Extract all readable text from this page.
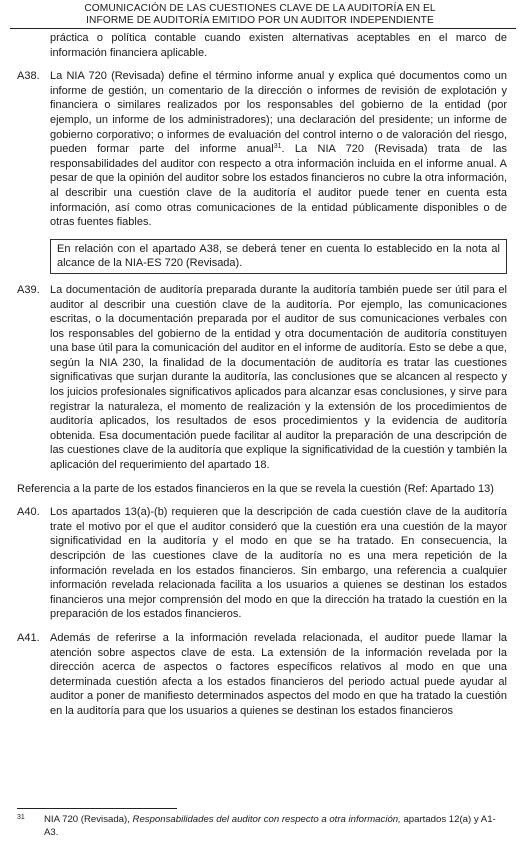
COMUNICACIÓN DE LAS CUESTIONES CLAVE DE LA AUDITORÍA EN EL
INFORME DE AUDITORÍA EMITIDO POR UN AUDITOR INDEPENDIENTE

práctica o política contable cuando existen alternativas aceptables en el marco de información financiera aplicable.

A38. La NIA 720 (Revisada) define el término informe anual y explica qué documentos como un informe de gestión, un comentario de la dirección o informes de revisión de explotación y financiera o similares realizados por los responsables del gobierno de la entidad (por ejemplo, un informe de los administradores); una declaración del presidente; un informe de gobierno corporativo; o informes de evaluación del control interno o de valoración del riesgo, pueden formar parte del informe anual$^{31}$. La NIA 720 (Revisada) trata de las responsabilidades del auditor con respecto a otra información incluida en el informe anual. A pesar de que la opinión del auditor sobre los estados financieros no cubre la otra información, al describir una cuestión clave de la auditoría el auditor puede tener en cuenta esta información, así como otras comunicaciones de la entidad públicamente disponibles o de otras fuentes fiables.

En relación con el apartado A38, se deberá tener en cuenta lo establecido en la nota al alcance de la NIA-ES 720 (Revisada).
A39. La documentación de auditoría preparada durante la auditoría también puede ser útil para el auditor al describir una cuestión clave de la auditoría. Por ejemplo, las comunicaciones escritas, o la documentación preparada por el auditor de sus comunicaciones verbales con los responsables del gobierno de la entidad y otra documentación de auditoría constituyen una base útil para la comunicación del auditor en el informe de auditoría. Esto se debe a que, según la NIA 230, la finalidad de la documentación de auditoría es tratar las cuestiones significativas que surjan durante la auditoría, las conclusiones que se alcancen al respecto y los juicios profesionales significativos aplicados para alcanzar esas conclusiones, y sirve para registrar la naturaleza, el momento de realización y la extensión de los procedimientos de auditoría aplicados, los resultados de esos procedimientos y la evidencia de auditoría obtenida. Esa documentación puede facilitar al auditor la preparación de una descripción de las cuestiones clave de la auditoría que explique la significatividad de la cuestión y también la aplicación del requerimiento del apartado 18.

Referencia a la parte de los estados financieros en la que se revela la cuestión (Ref: Apartado 13)
A40. Los apartados 13(a)-(b) requieren que la descripción de cada cuestión clave de la auditoría trate el motivo por el que el auditor consideró que la cuestión era una cuestión de la mayor significatividad en la auditoría y el modo en que se ha tratado. En consecuencia, la descripción de las cuestiones clave de la auditoría no es una mera repetición de la información revelada en los estados financieros. Sin embargo, una referencia a cualquier información revelada relacionada facilita a los usuarios a quienes se destinan los estados financieros una mejor comprensión del modo en que la dirección ha tratado la cuestión en la preparación de los estados financieros.

A41. Además de referirse a la información revelada relacionada, el auditor puede llamar la atención sobre aspectos clave de esta. La extensión de la información revelada por la dirección acerca de aspectos o factores específicos relativos al modo en que una determinada cuestión afecta a los estados financieros del periodo actual puede ayudar al auditor a poner de manifiesto determinados aspectos del modo en que ha tratado la cuestión en la auditoría para que los usuarios a quienes se destinan los estados financieros

31 NIA 720 (Revisada), Responsabilidades del auditor con respecto a otra información, apartados 12(a) y A1-A3.
